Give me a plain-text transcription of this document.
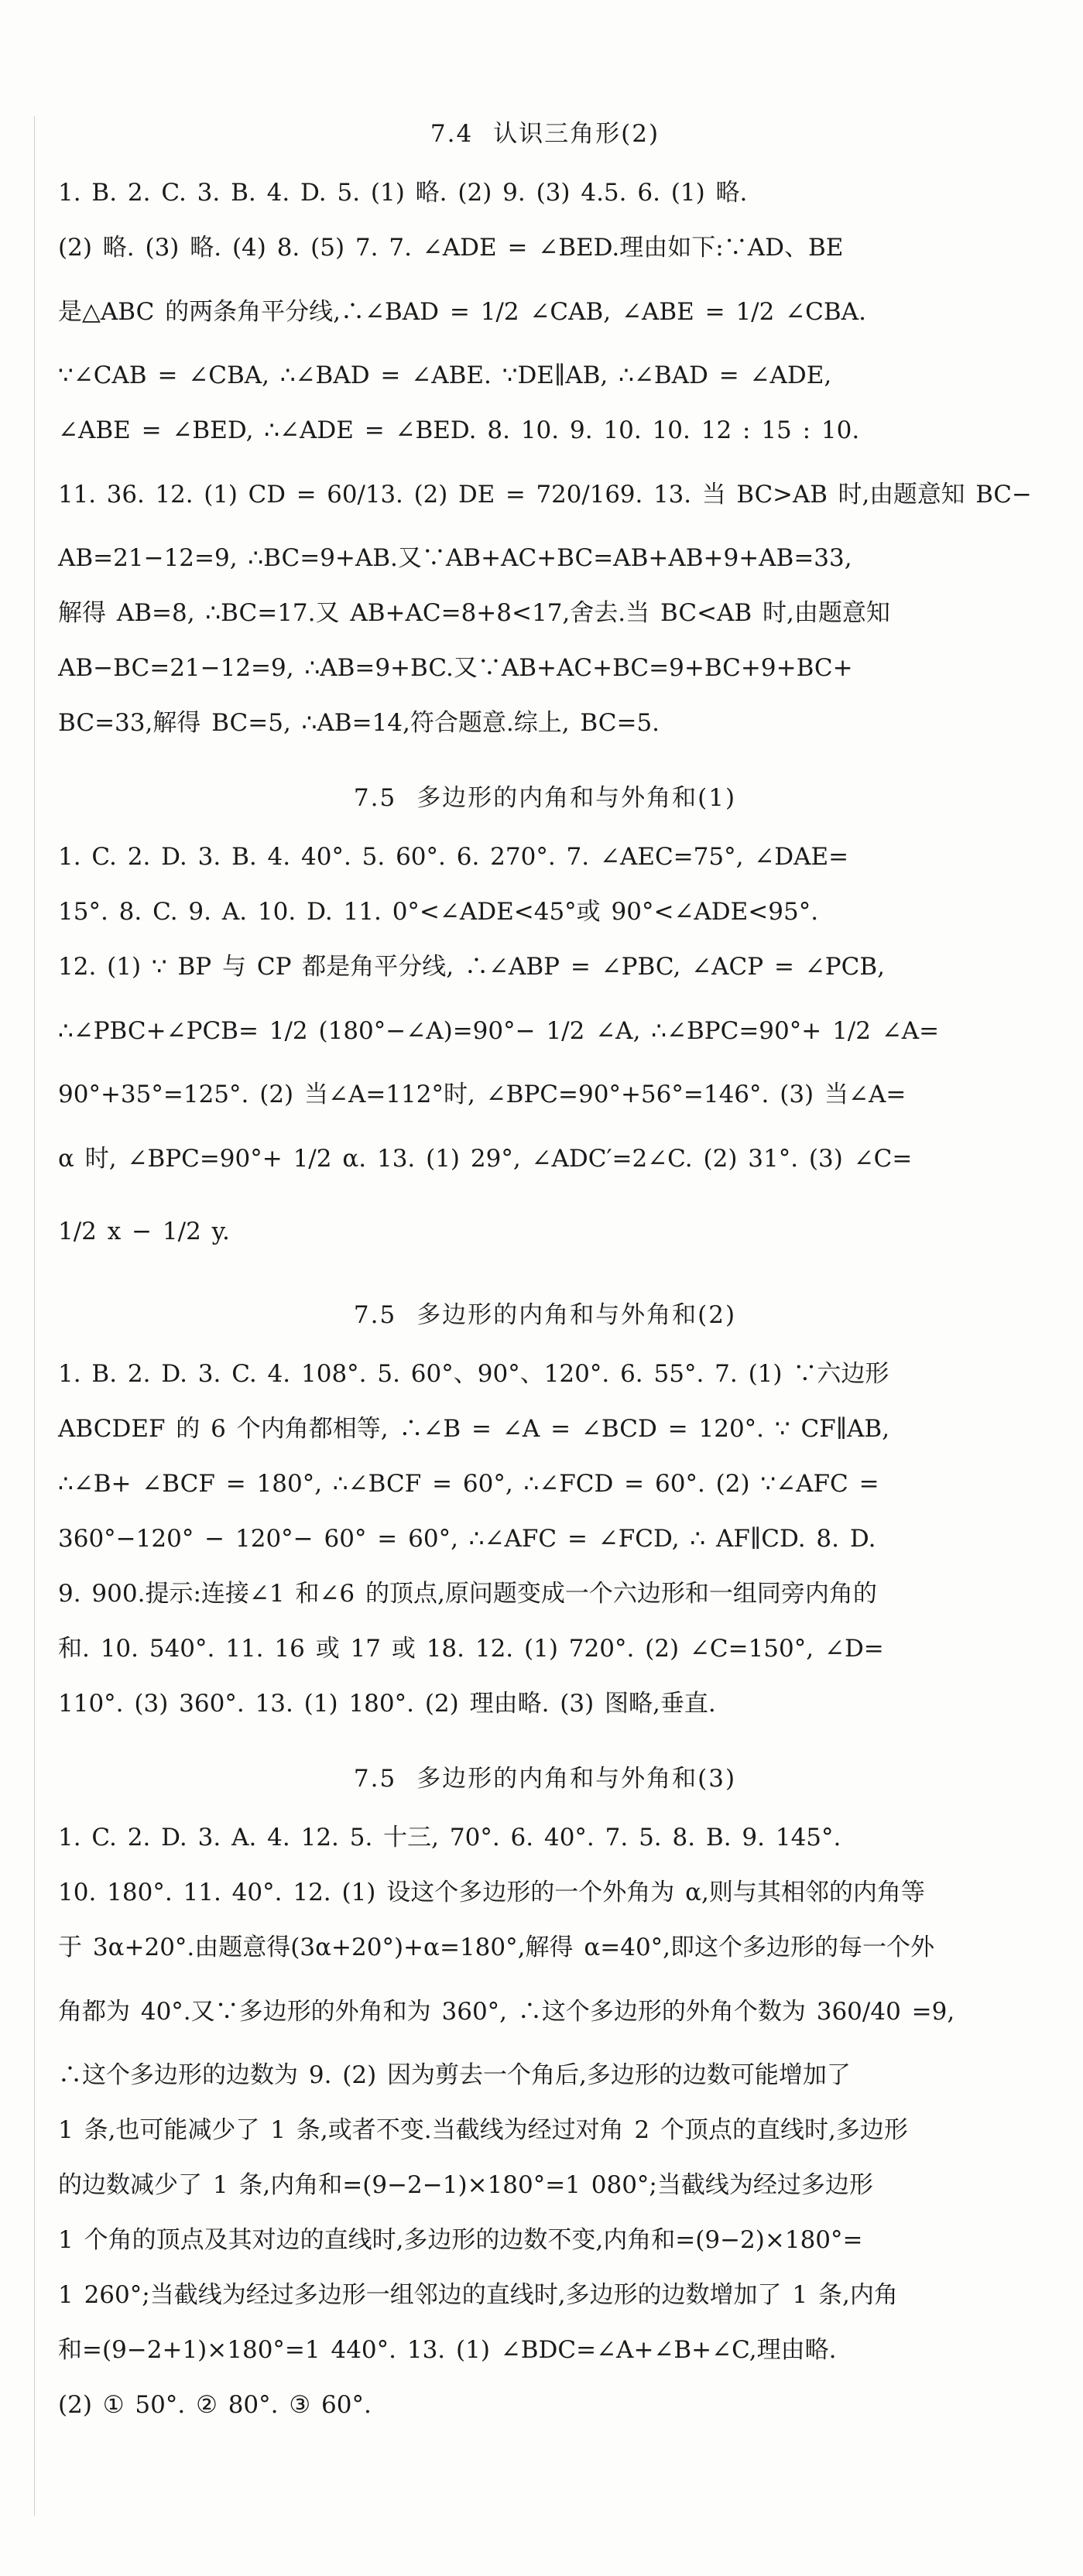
7.4 认识三角形(2)
1. B. 2. C. 3. B. 4. D. 5. (1) 略. (2) 9. (3) 4.5. 6. (1) 略.
(2) 略. (3) 略. (4) 8. (5) 7. 7. ∠ADE = ∠BED.理由如下:∵AD、BE
是△ABC 的两条角平分线,∴∠BAD = 1/2 ∠CAB, ∠ABE = 1/2 ∠CBA.
∵∠CAB = ∠CBA, ∴∠BAD = ∠ABE. ∵DE∥AB, ∴∠BAD = ∠ADE,
∠ABE = ∠BED, ∴∠ADE = ∠BED. 8. 10. 9. 10. 10. 12 : 15 : 10.
11. 36. 12. (1) CD = 60/13. (2) DE = 720/169. 13. 当 BC>AB 时,由题意知 BC−
AB=21−12=9, ∴BC=9+AB.又∵AB+AC+BC=AB+AB+9+AB=33,
解得 AB=8, ∴BC=17.又 AB+AC=8+8<17,舍去.当 BC<AB 时,由题意知
AB−BC=21−12=9, ∴AB=9+BC.又∵AB+AC+BC=9+BC+9+BC+
BC=33,解得 BC=5, ∴AB=14,符合题意.综上, BC=5.
7.5 多边形的内角和与外角和(1)
1. C. 2. D. 3. B. 4. 40°. 5. 60°. 6. 270°. 7. ∠AEC=75°, ∠DAE=
15°. 8. C. 9. A. 10. D. 11. 0°<∠ADE<45°或 90°<∠ADE<95°.
12. (1) ∵ BP 与 CP 都是角平分线, ∴∠ABP = ∠PBC, ∠ACP = ∠PCB,
∴∠PBC+∠PCB= 1/2 (180°−∠A)=90°− 1/2 ∠A, ∴∠BPC=90°+ 1/2 ∠A=
90°+35°=125°. (2) 当∠A=112°时, ∠BPC=90°+56°=146°. (3) 当∠A=
α 时, ∠BPC=90°+ 1/2 α. 13. (1) 29°, ∠ADC′=2∠C. (2) 31°. (3) ∠C=
1/2 x − 1/2 y.
7.5 多边形的内角和与外角和(2)
1. B. 2. D. 3. C. 4. 108°. 5. 60°、90°、120°. 6. 55°. 7. (1) ∵六边形
ABCDEF 的 6 个内角都相等, ∴∠B = ∠A = ∠BCD = 120°. ∵ CF∥AB,
∴∠B+ ∠BCF = 180°, ∴∠BCF = 60°, ∴∠FCD = 60°. (2) ∵∠AFC =
360°−120° − 120°− 60° = 60°, ∴∠AFC = ∠FCD, ∴ AF∥CD. 8. D.
9. 900.提示:连接∠1 和∠6 的顶点,原问题变成一个六边形和一组同旁内角的
和. 10. 540°. 11. 16 或 17 或 18. 12. (1) 720°. (2) ∠C=150°, ∠D=
110°. (3) 360°. 13. (1) 180°. (2) 理由略. (3) 图略,垂直.
7.5 多边形的内角和与外角和(3)
1. C. 2. D. 3. A. 4. 12. 5. 十三, 70°. 6. 40°. 7. 5. 8. B. 9. 145°.
10. 180°. 11. 40°. 12. (1) 设这个多边形的一个外角为 α,则与其相邻的内角等
于 3α+20°.由题意得(3α+20°)+α=180°,解得 α=40°,即这个多边形的每一个外
角都为 40°.又∵多边形的外角和为 360°, ∴这个多边形的外角个数为 360/40 =9,
∴这个多边形的边数为 9. (2) 因为剪去一个角后,多边形的边数可能增加了
1 条,也可能减少了 1 条,或者不变.当截线为经过对角 2 个顶点的直线时,多边形
的边数减少了 1 条,内角和=(9−2−1)×180°=1 080°;当截线为经过多边形
1 个角的顶点及其对边的直线时,多边形的边数不变,内角和=(9−2)×180°=
1 260°;当截线为经过多边形一组邻边的直线时,多边形的边数增加了 1 条,内角
和=(9−2+1)×180°=1 440°. 13. (1) ∠BDC=∠A+∠B+∠C,理由略.
(2) ① 50°. ② 80°. ③ 60°.
